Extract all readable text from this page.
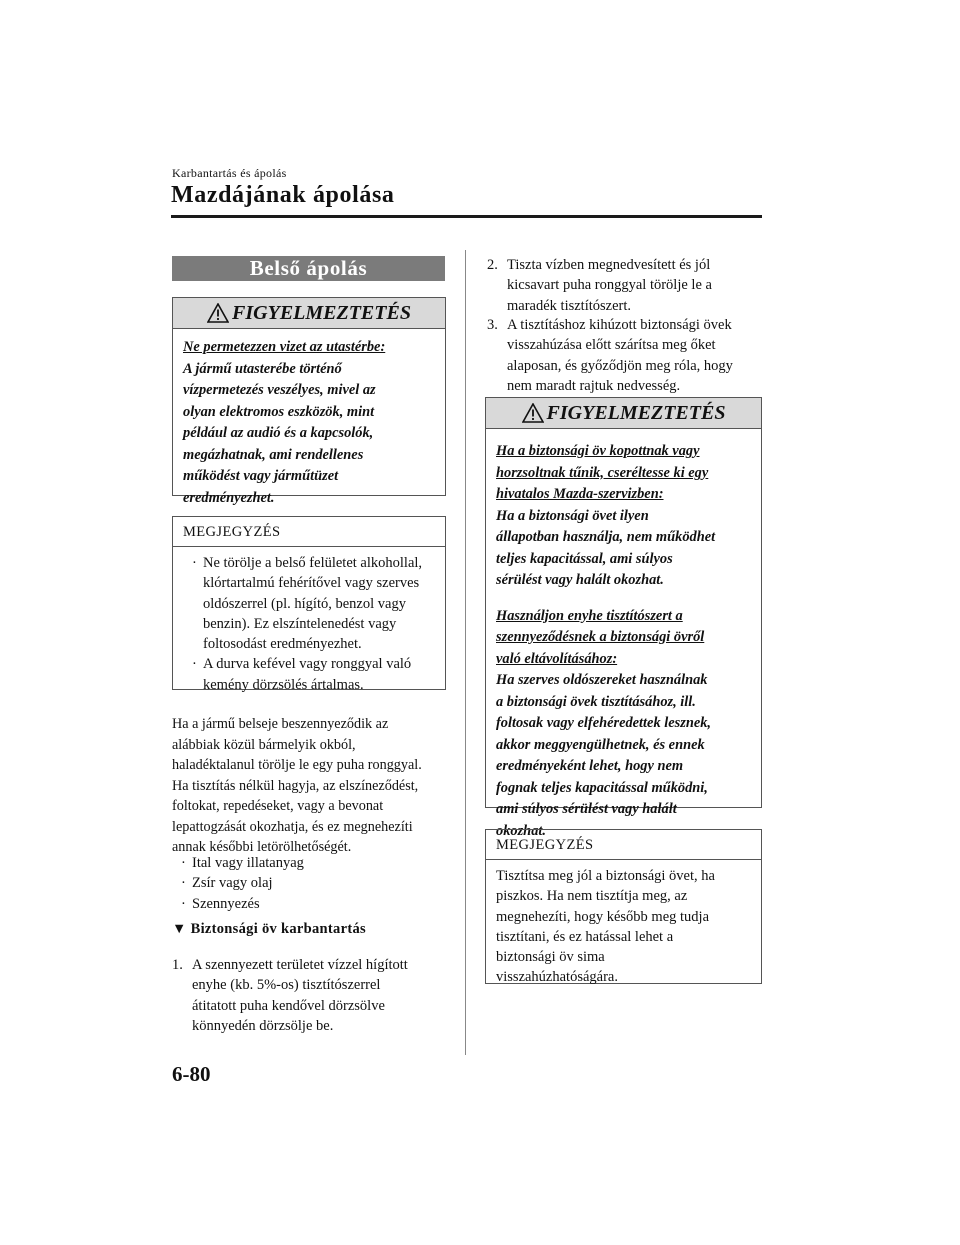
Karbantartás és ápolás
Mazdájának ápolása
Belső ápolás
FIGYELMEZTETÉS
Ne permetezzen vizet az utastérbe:
A jármű utasterébe történő
vízpermetezés veszélyes, mivel az
olyan elektromos eszközök, mint
például az audió és a kapcsolók,
megázhatnak, ami rendellenes
működést vagy járműtüzet
eredményezhet.
MEGJEGYZÉS
· Ne törölje a belső felületet alkohollal,
klórtartalmú fehérítővel vagy szerves
oldószerrel (pl. hígító, benzol vagy
benzin). Ez elszíntelenedést vagy
foltosodást eredményezhet.
· A durva kefével vagy ronggyal való
kemény dörzsölés ártalmas.
Ha a jármű belseje beszennyeződik az
alábbiak közül bármelyik okból,
haladéktalanul törölje le egy puha ronggyal.
Ha tisztítás nélkül hagyja, az elszíneződést,
foltokat, repedéseket, vagy a bevonat
lepattogzását okozhatja, és ez megnehezíti
annak későbbi letörölhetőségét.
· Ital vagy illatanyag
· Zsír vagy olaj
· Szennyezés
▼ Biztonsági öv karbantartás
1. A szennyezett területet vízzel hígított
enyhe (kb. 5%-os) tisztítószerrel
átitatott puha kendővel dörzsölve
könnyedén dörzsölje be.
2. Tiszta vízben megnedvesített és jól
kicsavart puha ronggyal törölje le a
maradék tisztítószert.
3. A tisztításhoz kihúzott biztonsági övek
visszahúzása előtt szárítsa meg őket
alaposan, és győződjön meg róla, hogy
nem maradt rajtuk nedvesség.
FIGYELMEZTETÉS
Ha a biztonsági öv kopottnak vagy
horzsoltnak tűnik, cseréltesse ki egy
hivatalos Mazda-szervizben:
Ha a biztonsági övet ilyen
állapotban használja, nem működhet
teljes kapacitással, ami súlyos
sérülést vagy halált okozhat.
Használjon enyhe tisztítószert a
szennyeződésnek a biztonsági övről
való eltávolításához:
Ha szerves oldószereket használnak
a biztonsági övek tisztításához, ill.
foltosak vagy elfehéredettek lesznek,
akkor meggyengülhetnek, és ennek
eredményeként lehet, hogy nem
fognak teljes kapacitással működni,
ami súlyos sérülést vagy halált
okozhat.
MEGJEGYZÉS
Tisztítsa meg jól a biztonsági övet, ha
piszkos. Ha nem tisztítja meg, az
megnehezíti, hogy később meg tudja
tisztítani, és ez hatással lehet a
biztonsági öv sima
visszahúzhatóságára.
6-80
